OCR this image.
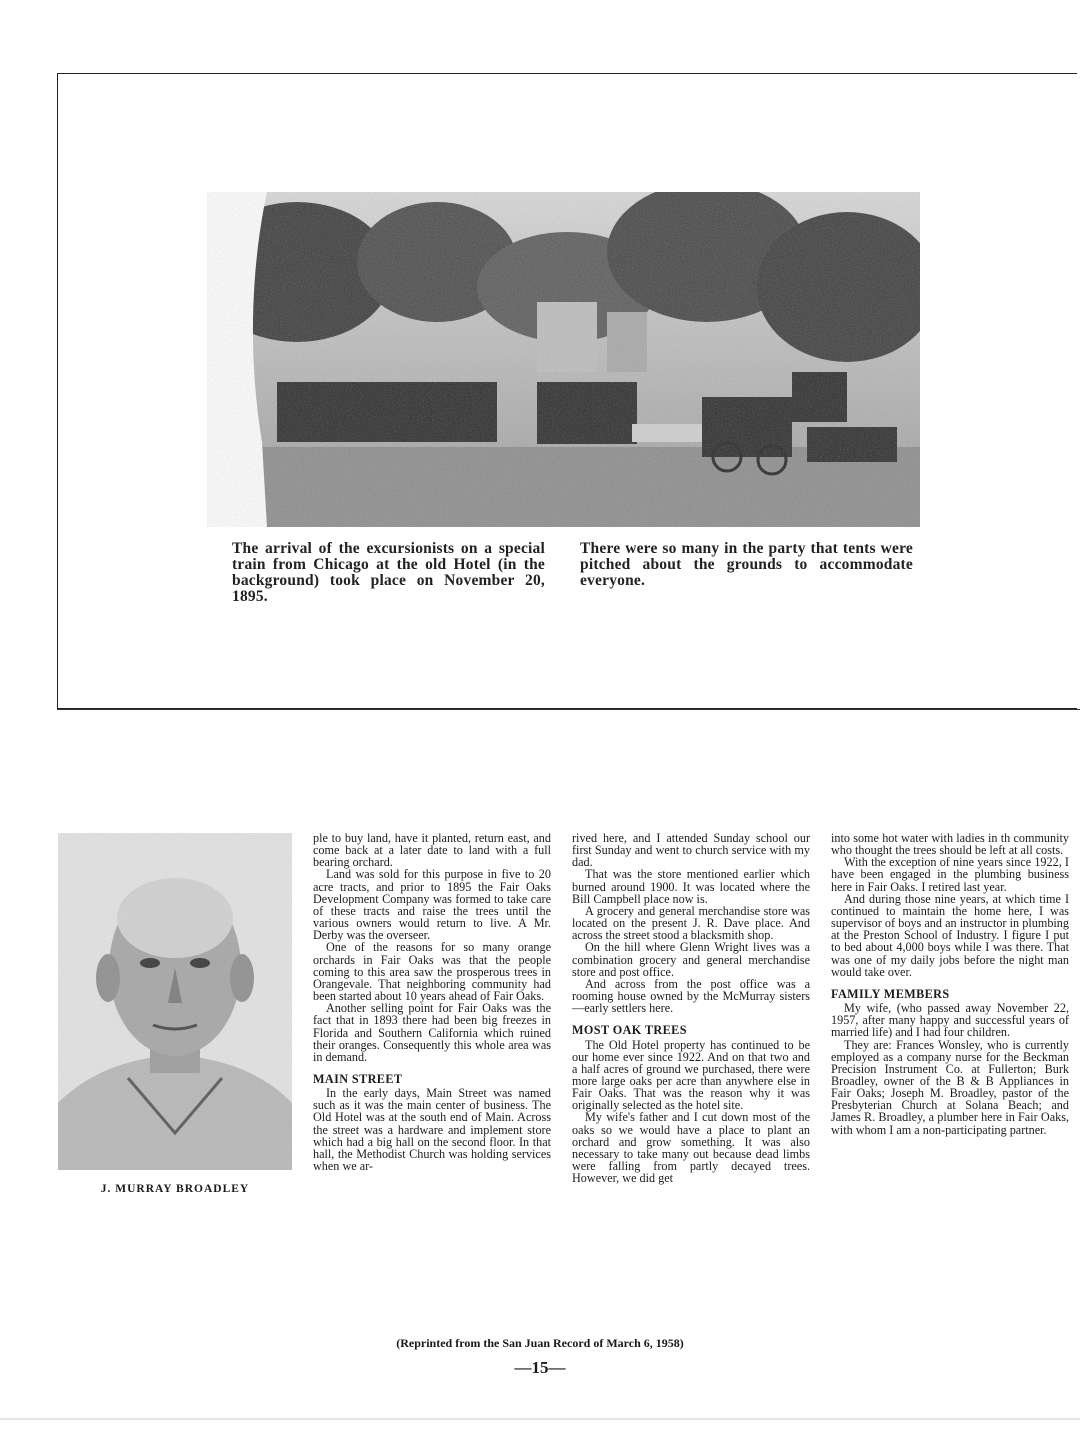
The arrival of the excursionists on a special train from Chicago at the old Hotel (in the background) took place on November 20, 1895.
There were so many in the party that tents were pitched about the grounds to accommodate everyone.
J. MURRAY BROADLEY

ple to buy land, have it planted, return east, and come back at a later date to land with a full bearing orchard.

Land was sold for this purpose in five to 20 acre tracts, and prior to 1895 the Fair Oaks Development Company was formed to take care of these tracts and raise the trees until the various owners would return to live. A Mr. Derby was the overseer.

One of the reasons for so many orange orchards in Fair Oaks was that the people coming to this area saw the prosperous trees in Orangevale. That neighboring community had been started about 10 years ahead of Fair Oaks.

Another selling point for Fair Oaks was the fact that in 1893 there had been big freezes in Florida and Southern California which ruined their oranges. Consequently this whole area was in demand.

MAIN STREET

In the early days, Main Street was named such as it was the main center of business. The Old Hotel was at the south end of Main. Across the street was a hardware and implement store which had a big hall on the second floor. In that hall, the Methodist Church was holding services when we ar-

rived here, and I attended Sunday school our first Sunday and went to church service with my dad.

That was the store mentioned earlier which burned around 1900. It was located where the Bill Campbell place now is.

A grocery and general merchandise store was located on the present J. R. Dave place. And across the street stood a blacksmith shop.

On the hill where Glenn Wright lives was a combination grocery and general merchandise store and post office.

And across from the post office was a rooming house owned by the McMurray sisters—early settlers here.

MOST OAK TREES

The Old Hotel property has continued to be our home ever since 1922. And on that two and a half acres of ground we purchased, there were more large oaks per acre than anywhere else in Fair Oaks. That was the reason why it was originally selected as the hotel site.

My wife's father and I cut down most of the oaks so we would have a place to plant an orchard and grow something. It was also necessary to take many out because dead limbs were falling from partly decayed trees. However, we did get

into some hot water with ladies in th community who thought the trees should be left at all costs.

With the exception of nine years since 1922, I have been engaged in the plumbing business here in Fair Oaks. I retired last year.

And during those nine years, at which time I continued to maintain the home here, I was supervisor of boys and an instructor in plumbing at the Preston School of Industry. I figure I put to bed about 4,000 boys while I was there. That was one of my daily jobs before the night man would take over.

FAMILY MEMBERS

My wife, (who passed away November 22, 1957, after many happy and successful years of married life) and I had four children.

They are: Frances Wonsley, who is currently employed as a company nurse for the Beckman Precision Instrument Co. at Fullerton; Burk Broadley, owner of the B & B Appliances in Fair Oaks; Joseph M. Broadley, pastor of the Presbyterian Church at Solana Beach; and James R. Broadley, a plumber here in Fair Oaks, with whom I am a non-participating partner.

(Reprinted from the San Juan Record of March 6, 1958)
—15—
